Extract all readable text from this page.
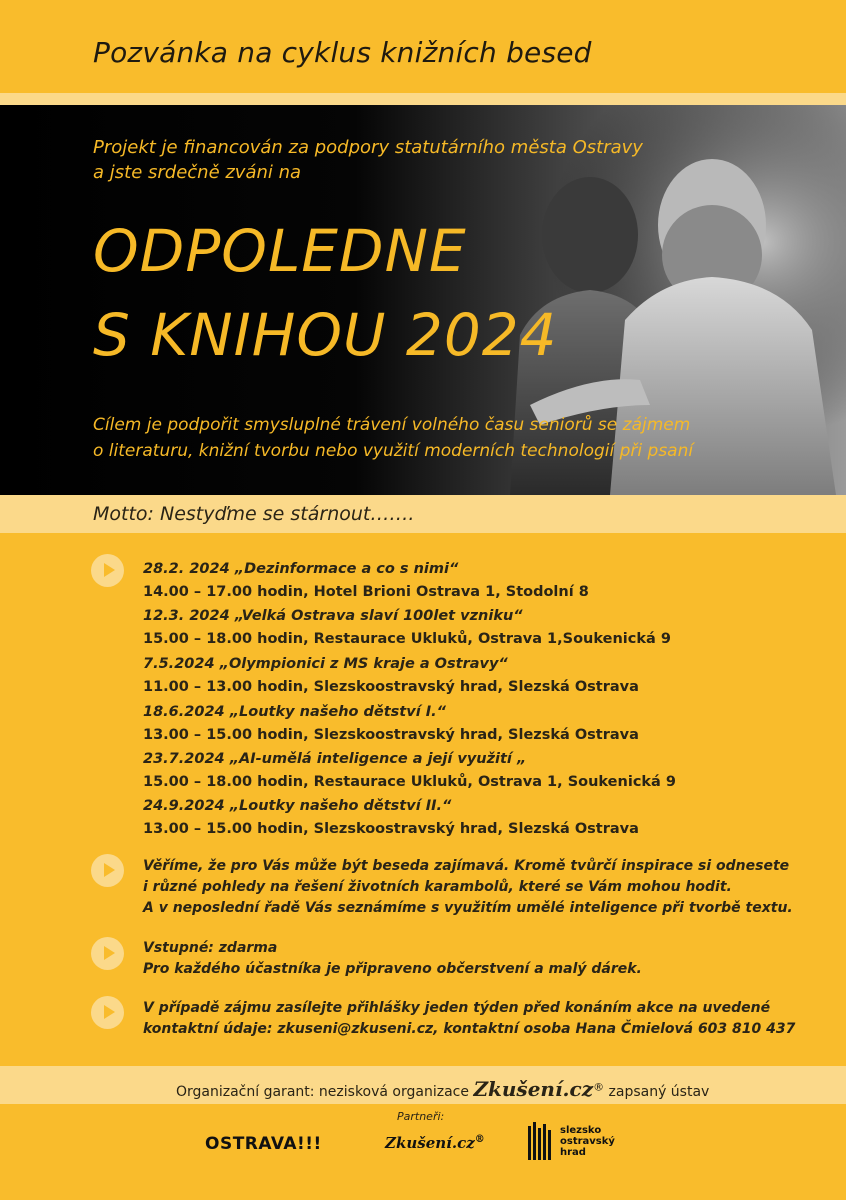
Pozvánka na cyklus knižních besed
Projekt je financován za podpory statutárního města Ostravy
a jste srdečně zváni na
ODPOLEDNE
S KNIHOU 2024
Cílem je podpořit smysluplné trávení volného času seniorů se zájmem
o literaturu, knižní tvorbu nebo využití moderních technologií při psaní
Motto: Nestyďme se stárnout…….
28.2. 2024 „Dezinformace a co s nimi“
14.00 – 17.00 hodin, Hotel Brioni Ostrava 1, Stodolní 8
12.3. 2024 „Velká Ostrava slaví 100let vzniku“
15.00 – 18.00 hodin, Restaurace Ukluků, Ostrava 1,Soukenická 9
7.5.2024 „Olympionici z MS kraje a Ostravy“
11.00 – 13.00 hodin, Slezskoostravský hrad, Slezská Ostrava
18.6.2024 „Loutky našeho dětství I.“
13.00 – 15.00 hodin, Slezskoostravský hrad, Slezská Ostrava
23.7.2024 „AI-umělá inteligence a její využití „
15.00 – 18.00 hodin, Restaurace Ukluků, Ostrava 1, Soukenická 9
24.9.2024 „Loutky našeho dětství II.“
13.00 – 15.00 hodin, Slezskoostravský hrad, Slezská Ostrava
Věříme, že pro Vás může být beseda zajímavá. Kromě tvůrčí inspirace si odnesete
i různé pohledy na řešení životních karambolů, které se Vám mohou hodit.
A v neposlední řadě Vás seznámíme s využitím umělé inteligence při tvorbě textu.
Vstupné: zdarma
Pro každého účastníka je připraveno občerstvení a malý dárek.
V případě zájmu zasílejte přihlášky jeden týden před konáním akce na uvedené
kontaktní údaje: zkuseni@zkuseni.cz, kontaktní osoba Hana Čmielová 603 810 437
Organizační garant: nezisková organizace Zkušení.cz® zapsaný ústav
Partneři:
OSTRAVA!!!	Zkušení.cz®
slezsko
ostravský
hrad
